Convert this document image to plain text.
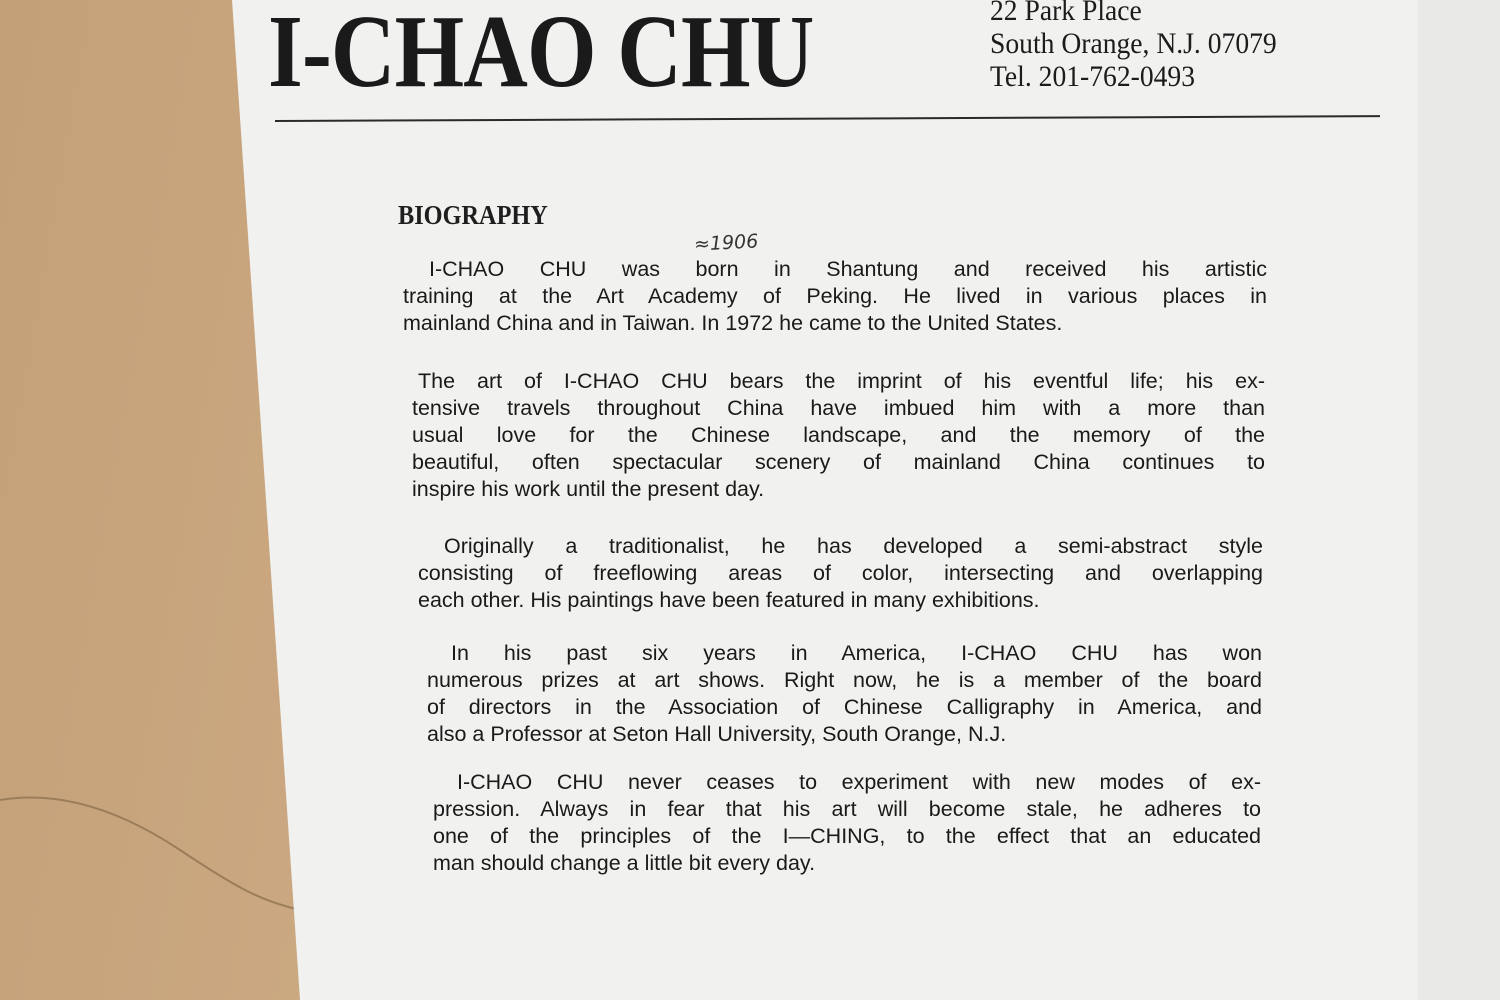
I-CHAO CHU	22 Park Place
South Orange, N.J. 07079
Tel. 201-762-0493
BIOGRAPHY
≈1906
I-CHAO CHU was born in Shantung and received his artistic
training at the Art Academy of Peking. He lived in various places in
mainland China and in Taiwan. In 1972 he came to the United States.
The art of I-CHAO CHU bears the imprint of his eventful life; his ex-
tensive travels throughout China have imbued him with a more than
usual love for the Chinese landscape, and the memory of the
beautiful, often spectacular scenery of mainland China continues to
inspire his work until the present day.
Originally a traditionalist, he has developed a semi-abstract style
consisting of freeflowing areas of color, intersecting and overlapping
each other. His paintings have been featured in many exhibitions.
In his past six years in America, I-CHAO CHU has won
numerous prizes at art shows. Right now, he is a member of the board
of directors in the Association of Chinese Calligraphy in America, and
also a Professor at Seton Hall University, South Orange, N.J.
I-CHAO CHU never ceases to experiment with new modes of ex-
pression. Always in fear that his art will become stale, he adheres to
one of the principles of the I—CHING, to the effect that an educated
man should change a little bit every day.
